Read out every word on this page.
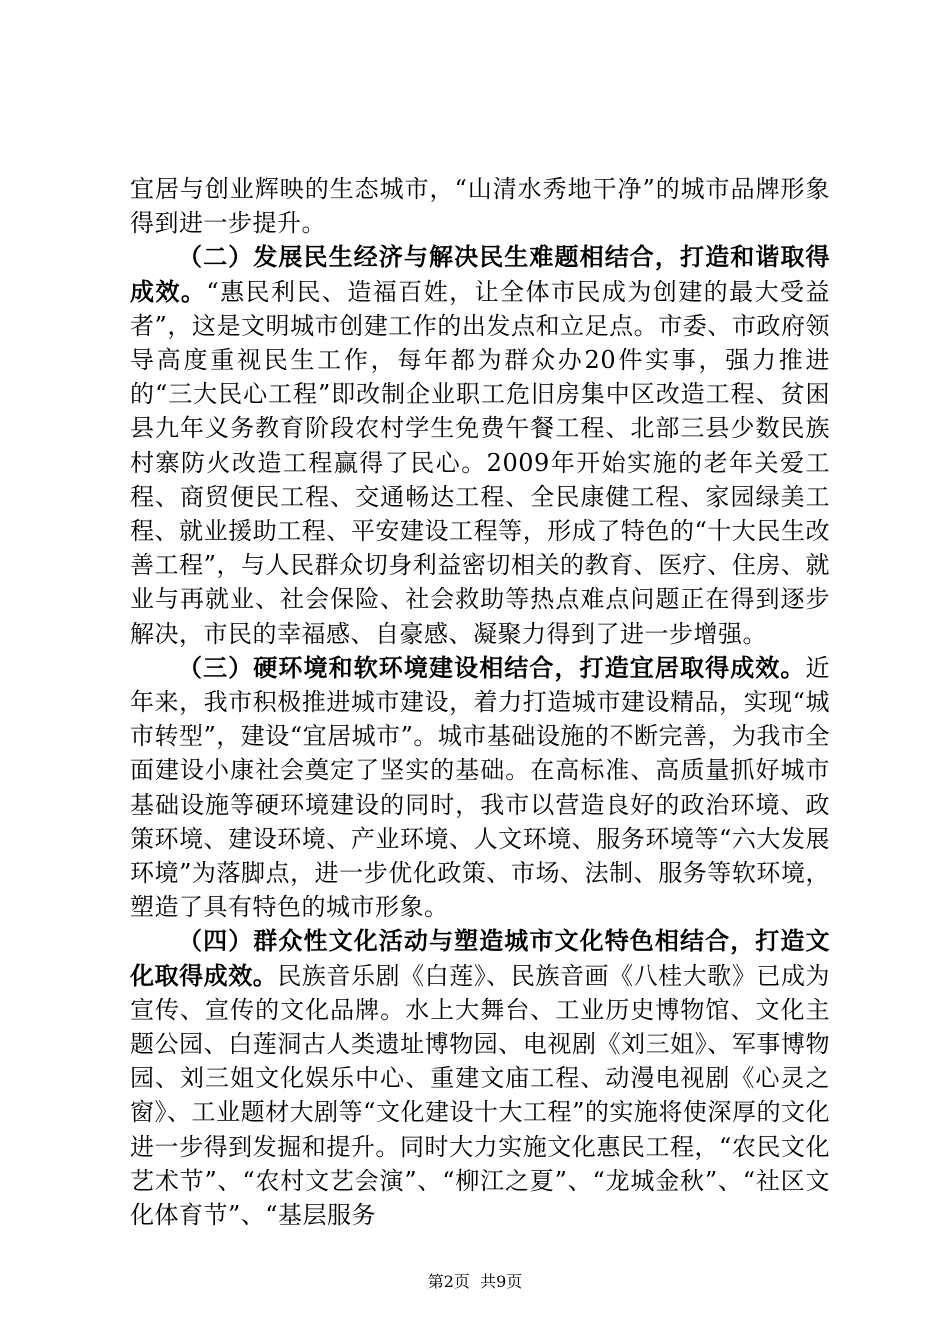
宜居与创业辉映的生态城市，“山清水秀地干净”的城市品牌形象得到进一步提升。

（二）发展民生经济与解决民生难题相结合，打造和谐取得成效。“惠民利民、造福百姓，让全体市民成为创建的最大受益者”，这是文明城市创建工作的出发点和立足点。市委、市政府领导高度重视民生工作，每年都为群众办20件实事，强力推进的“三大民心工程”即改制企业职工危旧房集中区改造工程、贫困县九年义务教育阶段农村学生免费午餐工程、北部三县少数民族村寨防火改造工程赢得了民心。2009年开始实施的老年关爱工程、商贸便民工程、交通畅达工程、全民康健工程、家园绿美工程、就业援助工程、平安建设工程等，形成了特色的“十大民生改善工程”，与人民群众切身利益密切相关的教育、医疗、住房、就业与再就业、社会保险、社会救助等热点难点问题正在得到逐步解决，市民的幸福感、自豪感、凝聚力得到了进一步增强。

（三）硬环境和软环境建设相结合，打造宜居取得成效。近年来，我市积极推进城市建设，着力打造城市建设精品，实现“城市转型”，建设“宜居城市”。城市基础设施的不断完善，为我市全面建设小康社会奠定了坚实的基础。在高标准、高质量抓好城市基础设施等硬环境建设的同时，我市以营造良好的政治环境、政策环境、建设环境、产业环境、人文环境、服务环境等“六大发展环境”为落脚点，进一步优化政策、市场、法制、服务等软环境，塑造了具有特色的城市形象。

（四）群众性文化活动与塑造城市文化特色相结合，打造文化取得成效。民族音乐剧《白莲》、民族音画《八桂大歌》已成为宣传、宣传的文化品牌。水上大舞台、工业历史博物馆、文化主题公园、白莲洞古人类遗址博物园、电视剧《刘三姐》、军事博物园、刘三姐文化娱乐中心、重建文庙工程、动漫电视剧《心灵之窗》、工业题材大剧等“文化建设十大工程”的实施将使深厚的文化进一步得到发掘和提升。同时大力实施文化惠民工程，“农民文化艺术节”、“农村文艺会演”、“柳江之夏”、“龙城金秋”、“社区文化体育节”、“基层服务

第2页 共9页
